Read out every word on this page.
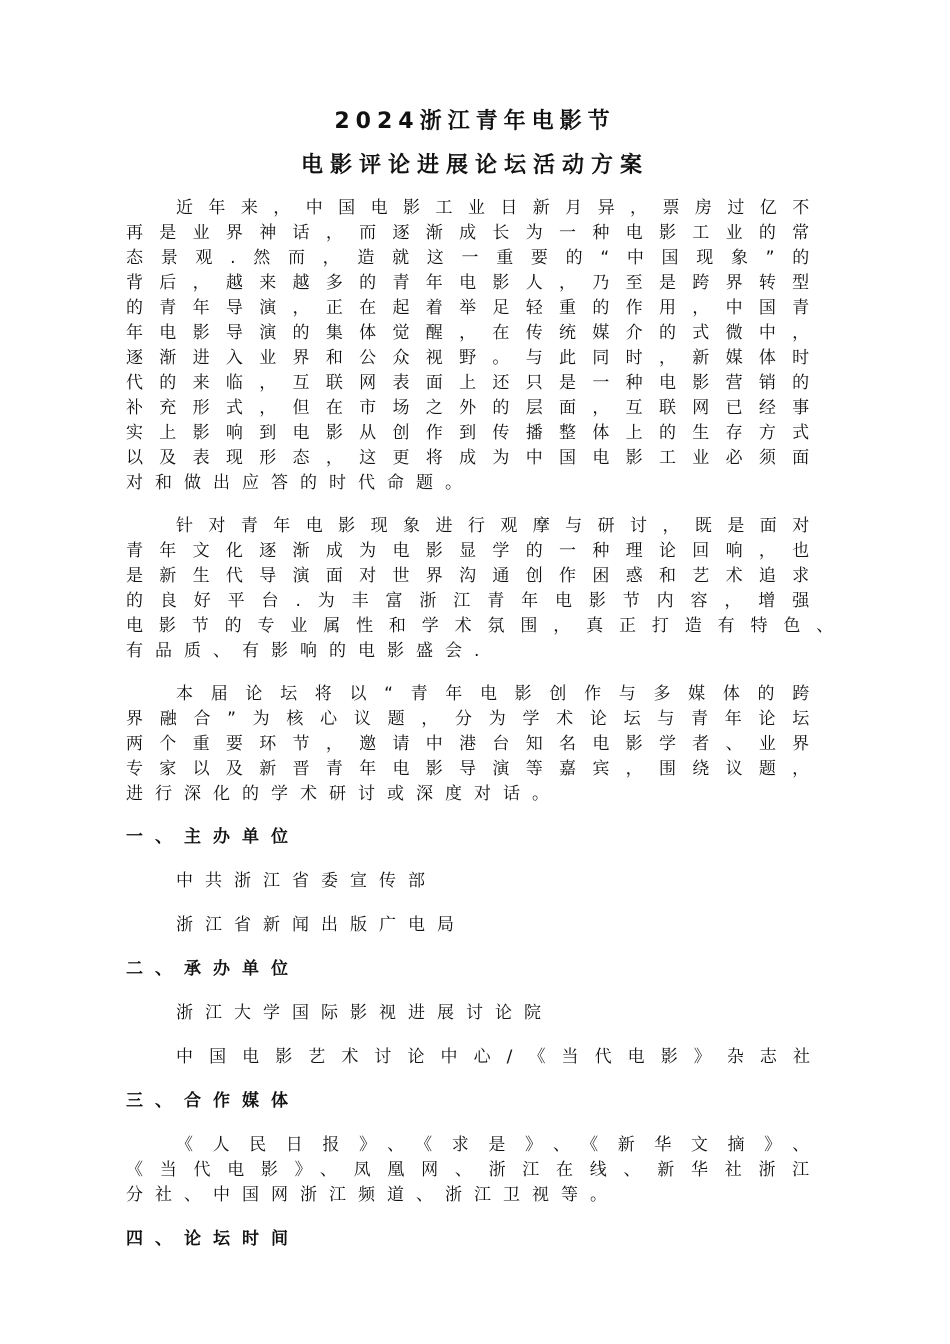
2024浙江青年电影节
电影评论进展论坛活动方案
近年来，中国电影工业日新月异，票房过亿不
再是业界神话，而逐渐成长为一种电影工业的常
态景观.然而，造就这一重要的“中国现象”的
背后，越来越多的青年电影人，乃至是跨界转型
的青年导演，正在起着举足轻重的作用，中国青
年电影导演的集体觉醒，在传统媒介的式微中，
逐渐进入业界和公众视野。与此同时，新媒体时
代的来临，互联网表面上还只是一种电影营销的
补充形式，但在市场之外的层面，互联网已经事
实上影响到电影从创作到传播整体上的生存方式
以及表现形态，这更将成为中国电影工业必须面
对和做出应答的时代命题。
针对青年电影现象进行观摩与研讨，既是面对
青年文化逐渐成为电影显学的一种理论回响，也
是新生代导演面对世界沟通创作困惑和艺术追求
的良好平台.为丰富浙江青年电影节内容，增强
电影节的专业属性和学术氛围，真正打造有特色、
有品质、有影响的电影盛会.
本届论坛将以“青年电影创作与多媒体的跨
界融合”为核心议题，分为学术论坛与青年论坛
两个重要环节，邀请中港台知名电影学者、业界
专家以及新晋青年电影导演等嘉宾，围绕议题，
进行深化的学术研讨或深度对话。
一、主办单位
中共浙江省委宣传部
浙江省新闻出版广电局
二、承办单位
浙江大学国际影视进展讨论院
中国电影艺术讨论中心/《当代电影》杂志社
三、合作媒体
《人民日报》、《求是》、《新华文摘》、
《当代电影》、凤凰网、浙江在线、新华社浙江
分社、中国网浙江频道、浙江卫视等。
四、论坛时间
